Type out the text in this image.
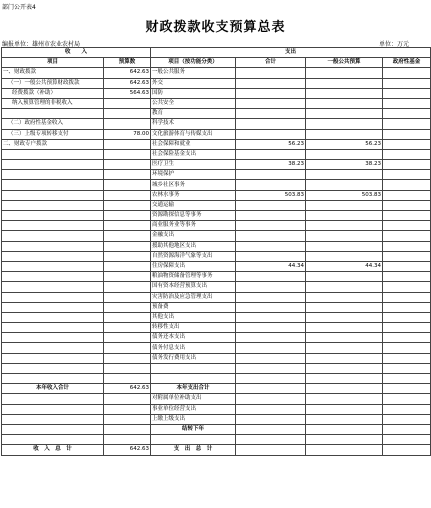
部门公开表4
财政拨款收支预算总表
编报单位：雄州市农业农村局	单位：万元
收　　入		支出			
项目	预算数	项目（按功能分类）	合计	一般公共预算	政府性基金
一、财政拨款	642.63	一般公共服务			
（一）一般公共预算财政拨款	642.63	外交			
经费拨款（补助）	564.63	国防			
纳入预算管理的非税收入		公共安全			
		教育			
（二）政府性基金收入		科学技术			
（三）上级专项转移支付	78.00	文化旅游体育与传媒支出			
二、财政专户拨款		社会保障和就业	56.23	56.23	
		社会保险基金支出			
		医疗卫生	38.23	38.23	
		环境保护			
		城乡社区事务			
		农林水事务	503.83	503.83	
		交通运输			
		资源勘探信息等事务			
		商业服务业等事务			
		金融支出			
		援助其他地区支出			
		自然资源海洋气象等支出			
		住房保障支出	44.34	44.34	
		粮油物资储备管理等事务			
		国有资本经营预算支出			
		灾害防治及应急管理支出			
		预备费			
		其他支出			
		转移性支出			
		债务还本支出			
		债务付息支出			
		债务发行费用支出			

本年收入合计	642.63	本年支出合计			
		对附属单位补助支出			
		事业单位经营支出			
		上缴上级支出			
		结转下年			

收　入　总　计	642.63	支　出　总　计			
